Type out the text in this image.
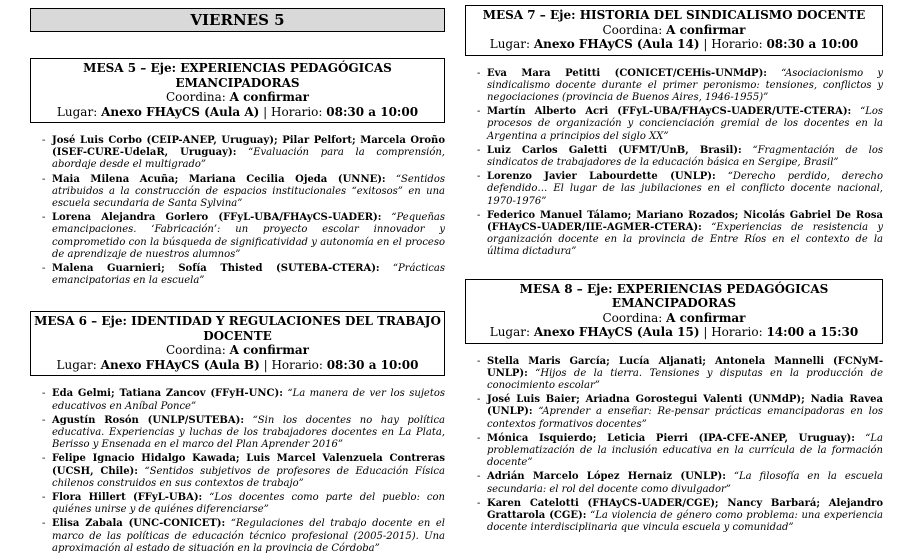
VIERNES 5
MESA 5 – Eje: EXPERIENCIAS PEDAGÓGICAS EMANCIPADORAS
Coordina: A confirmar
Lugar: Anexo FHAyCS (Aula A) | Horario: 08:30 a 10:00
- José Luis Corbo (CEIP-ANEP, Uruguay); Pilar Pelfort; Marcela Oroño (ISEF-CURE-UdelaR, Uruguay): “Evaluación para la comprensión, abordaje desde el multigrado”
- Maia Milena Acuña; Mariana Cecilia Ojeda (UNNE): “Sentidos atribuidos a la construcción de espacios institucionales “exitosos” en una escuela secundaria de Santa Sylvina”
- Lorena Alejandra Gorlero (FFyL-UBA/FHAyCS-UADER): “Pequeñas emancipaciones. ‘Fabricación’: un proyecto escolar innovador y comprometido con la búsqueda de significatividad y autonomía en el proceso de aprendizaje de nuestros alumnos”
- Malena Guarnieri; Sofía Thisted (SUTEBA-CTERA): “Prácticas emancipatorias en la escuela”
MESA 6 – Eje: IDENTIDAD Y REGULACIONES DEL TRABAJO DOCENTE
Coordina: A confirmar
Lugar: Anexo FHAyCS (Aula B) | Horario: 08:30 a 10:00
- Eda Gelmi; Tatiana Zancov (FFyH-UNC): “La manera de ver los sujetos educativos en Aníbal Ponce”
- Agustín Rosón (UNLP/SUTEBA): “Sin los docentes no hay política educativa. Experiencias y luchas de los trabajadores docentes en La Plata, Berisso y Ensenada en el marco del Plan Aprender 2016”
- Felipe Ignacio Hidalgo Kawada; Luis Marcel Valenzuela Contreras (UCSH, Chile): “Sentidos subjetivos de profesores de Educación Física chilenos construidos en sus contextos de trabajo”
- Flora Hillert (FFyL-UBA): “Los docentes como parte del pueblo: con quiénes unirse y de quiénes diferenciarse”
- Elisa Zabala (UNC-CONICET): “Regulaciones del trabajo docente en el marco de las políticas de educación técnico profesional (2005-2015). Una aproximación al estado de situación en la provincia de Córdoba”
MESA 7 – Eje: HISTORIA DEL SINDICALISMO DOCENTE
Coordina: A confirmar
Lugar: Anexo FHAyCS (Aula 14) | Horario: 08:30 a 10:00
- Eva Mara Petitti (CONICET/CEHis-UNMdP): “Asociacionismo y sindicalismo docente durante el primer peronismo: tensiones, conflictos y negociaciones (provincia de Buenos Aires, 1946-1955)”
- Martín Alberto Acri (FFyL-UBA/FHAyCS-UADER/UTE-CTERA): “Los procesos de organización y concienciación gremial de los docentes en la Argentina a principios del siglo XX”
- Luiz Carlos Galetti (UFMT/UnB, Brasil): “Fragmentación de los sindicatos de trabajadores de la educación básica en Sergipe, Brasil”
- Lorenzo Javier Labourdette (UNLP): “Derecho perdido, derecho defendido… El lugar de las jubilaciones en el conflicto docente nacional, 1970-1976”
- Federico Manuel Tálamo; Mariano Rozados; Nicolás Gabriel De Rosa (FHAyCS-UADER/IIE-AGMER-CTERA): “Experiencias de resistencia y organización docente en la provincia de Entre Ríos en el contexto de la última dictadura”
MESA 8 – Eje: EXPERIENCIAS PEDAGÓGICAS EMANCIPADORAS
Coordina: A confirmar
Lugar: Anexo FHAyCS (Aula 15) | Horario: 14:00 a 15:30
- Stella Maris García; Lucía Aljanati; Antonela Mannelli (FCNyM-UNLP): “Hijos de la tierra. Tensiones y disputas en la producción de conocimiento escolar”
- José Luis Baier; Ariadna Gorostegui Valenti (UNMdP); Nadia Ravea (UNLP): “Aprender a enseñar: Re-pensar prácticas emancipadoras en los contextos formativos docentes”
- Mónica Isquierdo; Leticia Pierri (IPA-CFE-ANEP, Uruguay): “La problematización de la inclusión educativa en la currícula de la formación docente”
- Adrián Marcelo López Hernaiz (UNLP): “La filosofía en la escuela secundaria: el rol del docente como divulgador”
- Karen Catelotti (FHAyCS-UADER/CGE); Nancy Barbará; Alejandro Grattarola (CGE): “La violencia de género como problema: una experiencia docente interdisciplinaria que vincula escuela y comunidad”
